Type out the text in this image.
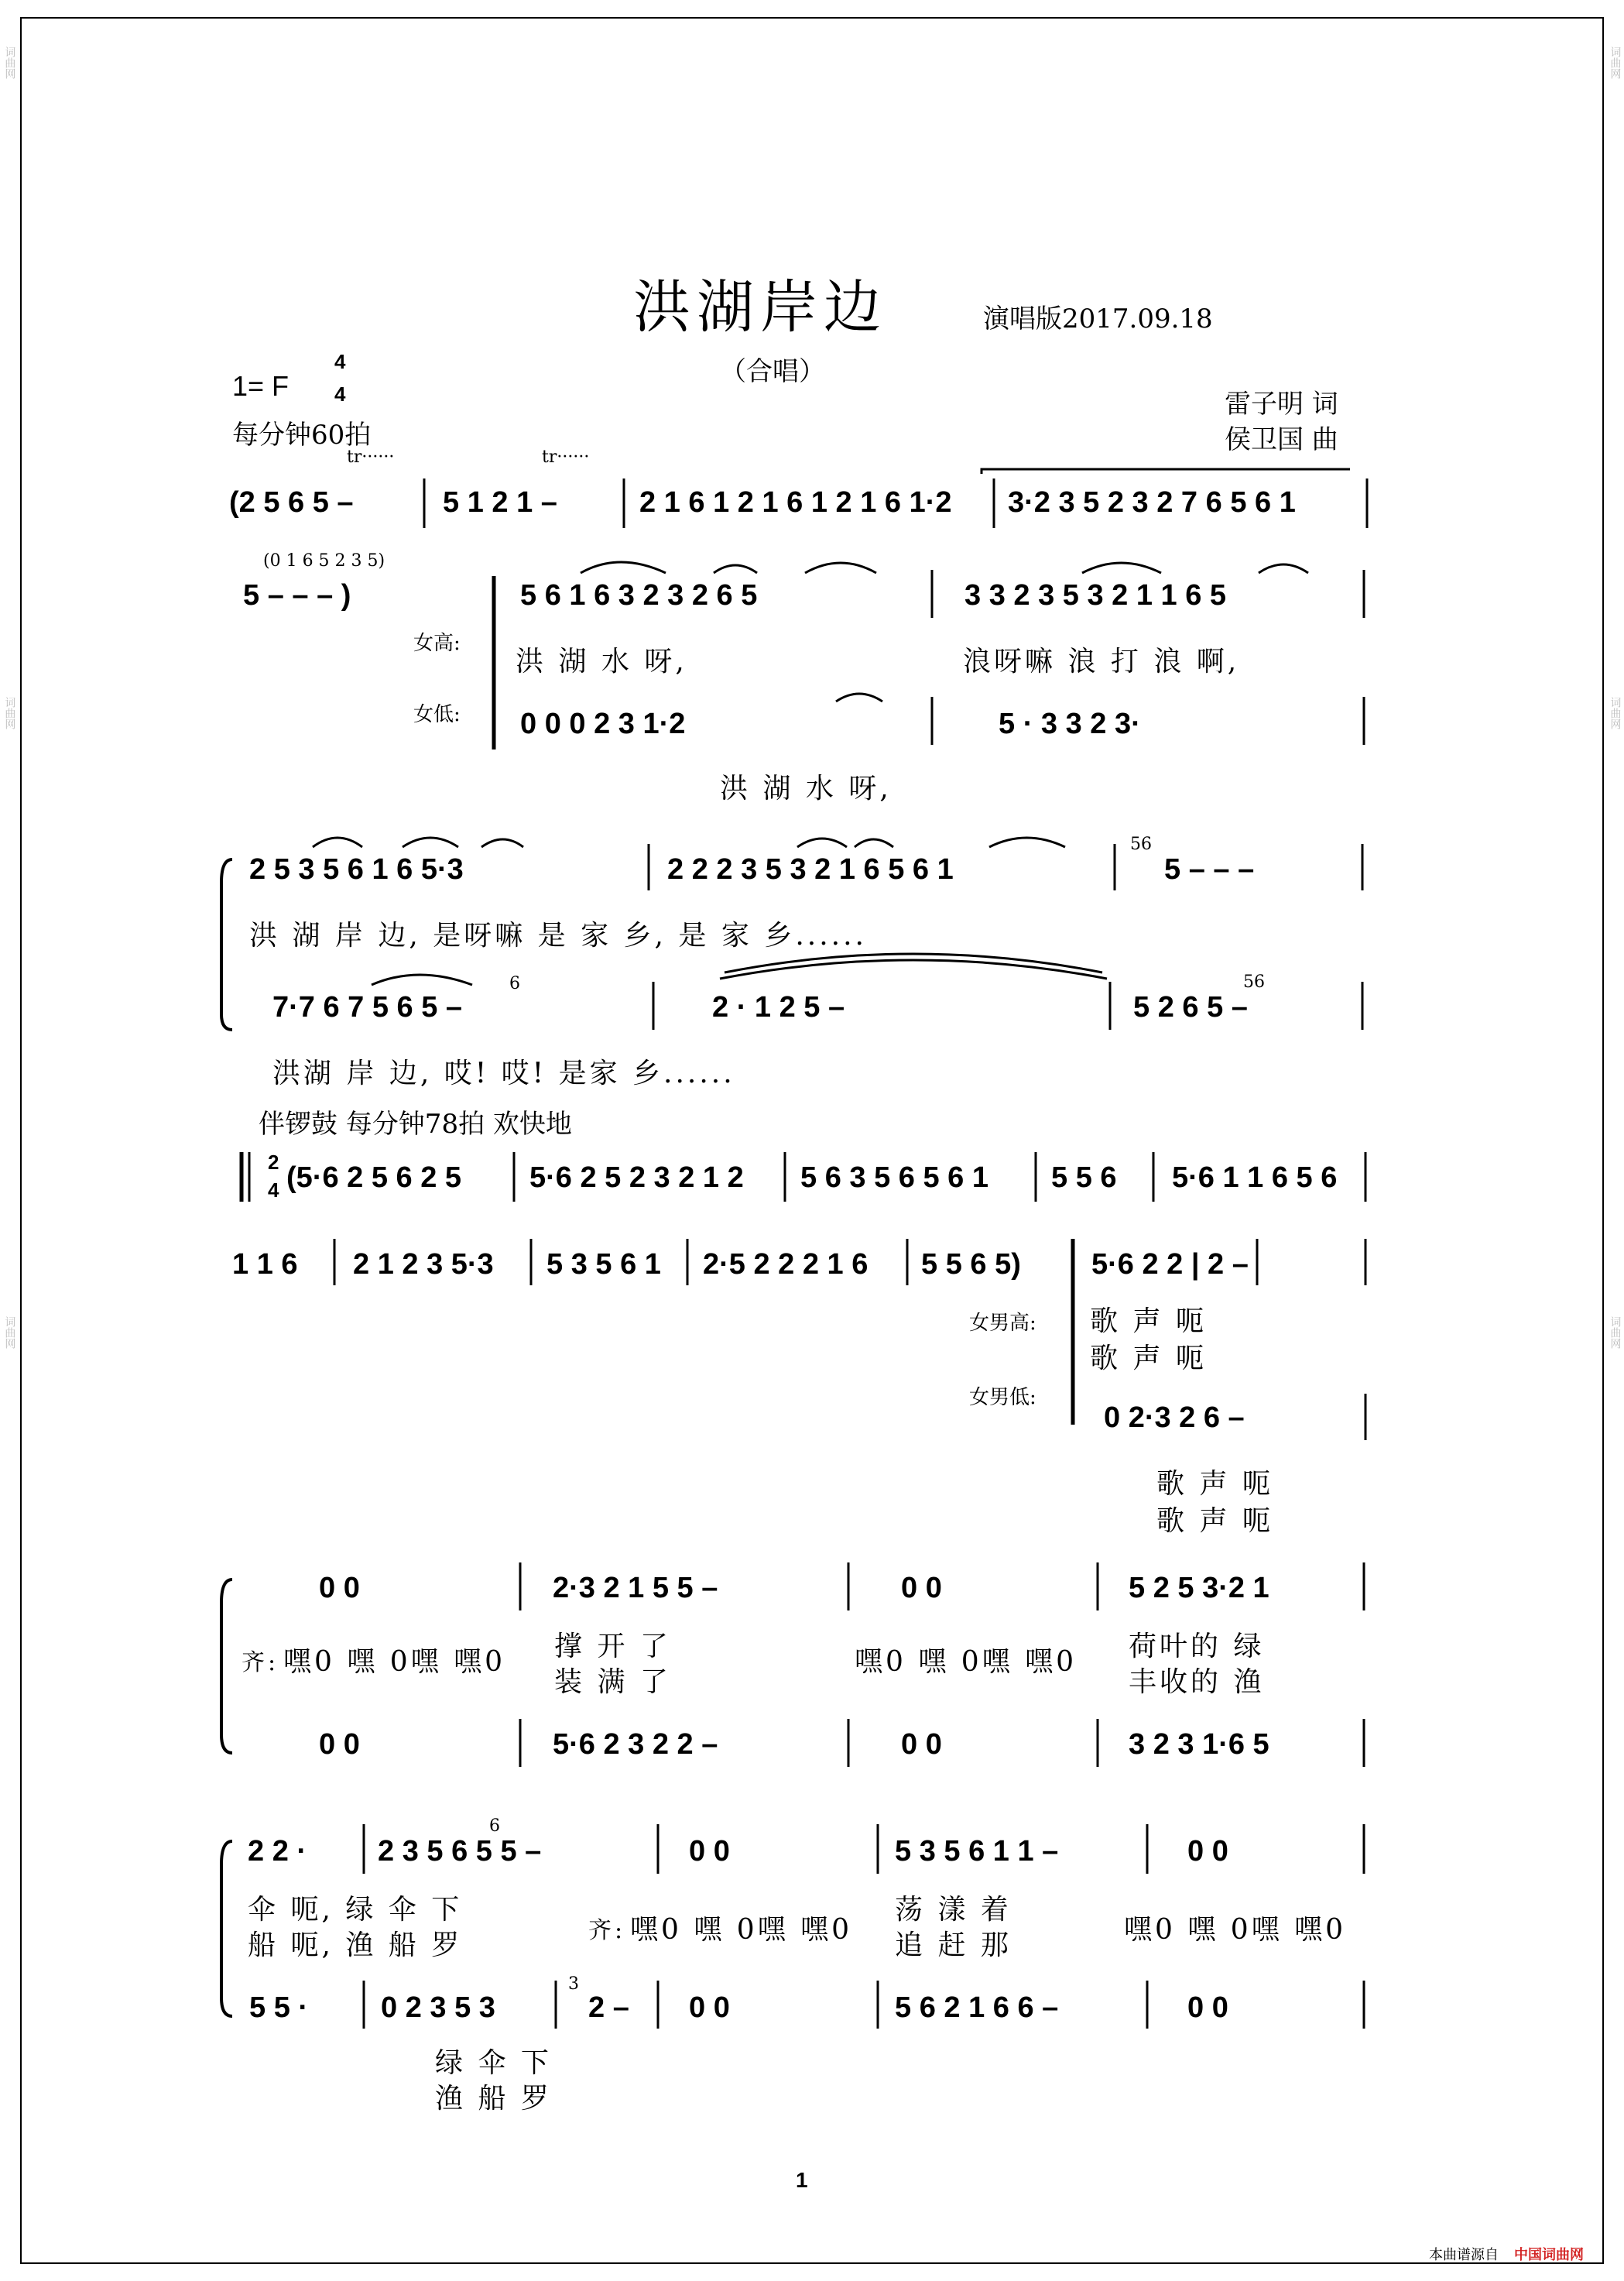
洪湖岸边	演唱版2017.09.18
（合唱）
1= F
4
4
每分钟60拍
雷子明 词
侯卫国 曲
tr······	tr······
(2 5 6 5 –	5 1 2 1 –	2 1 6 1 2 1 6 1 2 1 6 1·2 3·2 3 5 2 3 2 7 6 5 6 1
(0 1 6 5 2 3 5)
5 – – – )
女高:
女低:
5 6 1 6 3 2 3 2 6 5	3 3 2 3 5 3 2 1 1 6 5
洪 湖 水 呀,	浪呀嘛 浪 打 浪 啊,
0 0 0 2 3 1·2	5 · 3 3 2 3·
洪 湖 水 呀,
2 5 3 5 6 1 6 5·3	2 2 2 3 5 3 2 1 6 5 6 1
56
5 – – –
洪 湖 岸 边, 是呀嘛 是 家 乡, 是 家 乡......
7·7 6 7 5 6 5 –
6
2 · 1 2 5 –	5 2 6 5 –
56
洪湖 岸 边, 哎! 哎! 是家 乡......
伴锣鼓 每分钟78拍 欢快地
2
4 (5·6 2 5 6 2 5 5·6 2 5 2 3 2 1 2 5 6 3 5 6 5 6 1 5 5 6 5·6 1 1 6 5 6
1 1 6 2 1 2 3 5·3 5 3 5 6 1 2·5 2 2 2 1 6 5 5 6 5)
女男高:
女男低:
5·6 2 2 | 2 –
歌 声 呃
歌 声 呃
0 2·3 2 6 –
歌 声 呃
歌 声 呃
0 0	2·3 2 1 5 5 –	0 0	5 2 5 3·2 1
齐: 嘿0 嘿 0嘿 嘿0 撑 开 了
装 满 了
嘿0 嘿 0嘿 嘿0 荷叶的 绿
丰收的 渔
0 0	5·6 2 3 2 2 –	0 0	3 2 3 1·6 5
2 2 ·
6
2 3 5 6 5 5 –	0 0	5 3 5 6 1 1 –	0 0
伞 呃, 绿 伞 下
船 呃, 渔 船 罗	齐: 嘿0 嘿 0嘿 嘿0
荡 漾 着
追 赶 那	嘿0 嘿 0嘿 嘿0
5 5 · 0 2 3 5 3
3
2 – 0 0	5 6 2 1 6 6 –	0 0
绿 伞 下
渔 船 罗
1
本曲谱源自 中国词曲网
词曲网
词曲网
词曲网
词曲网
词曲网
词曲网
